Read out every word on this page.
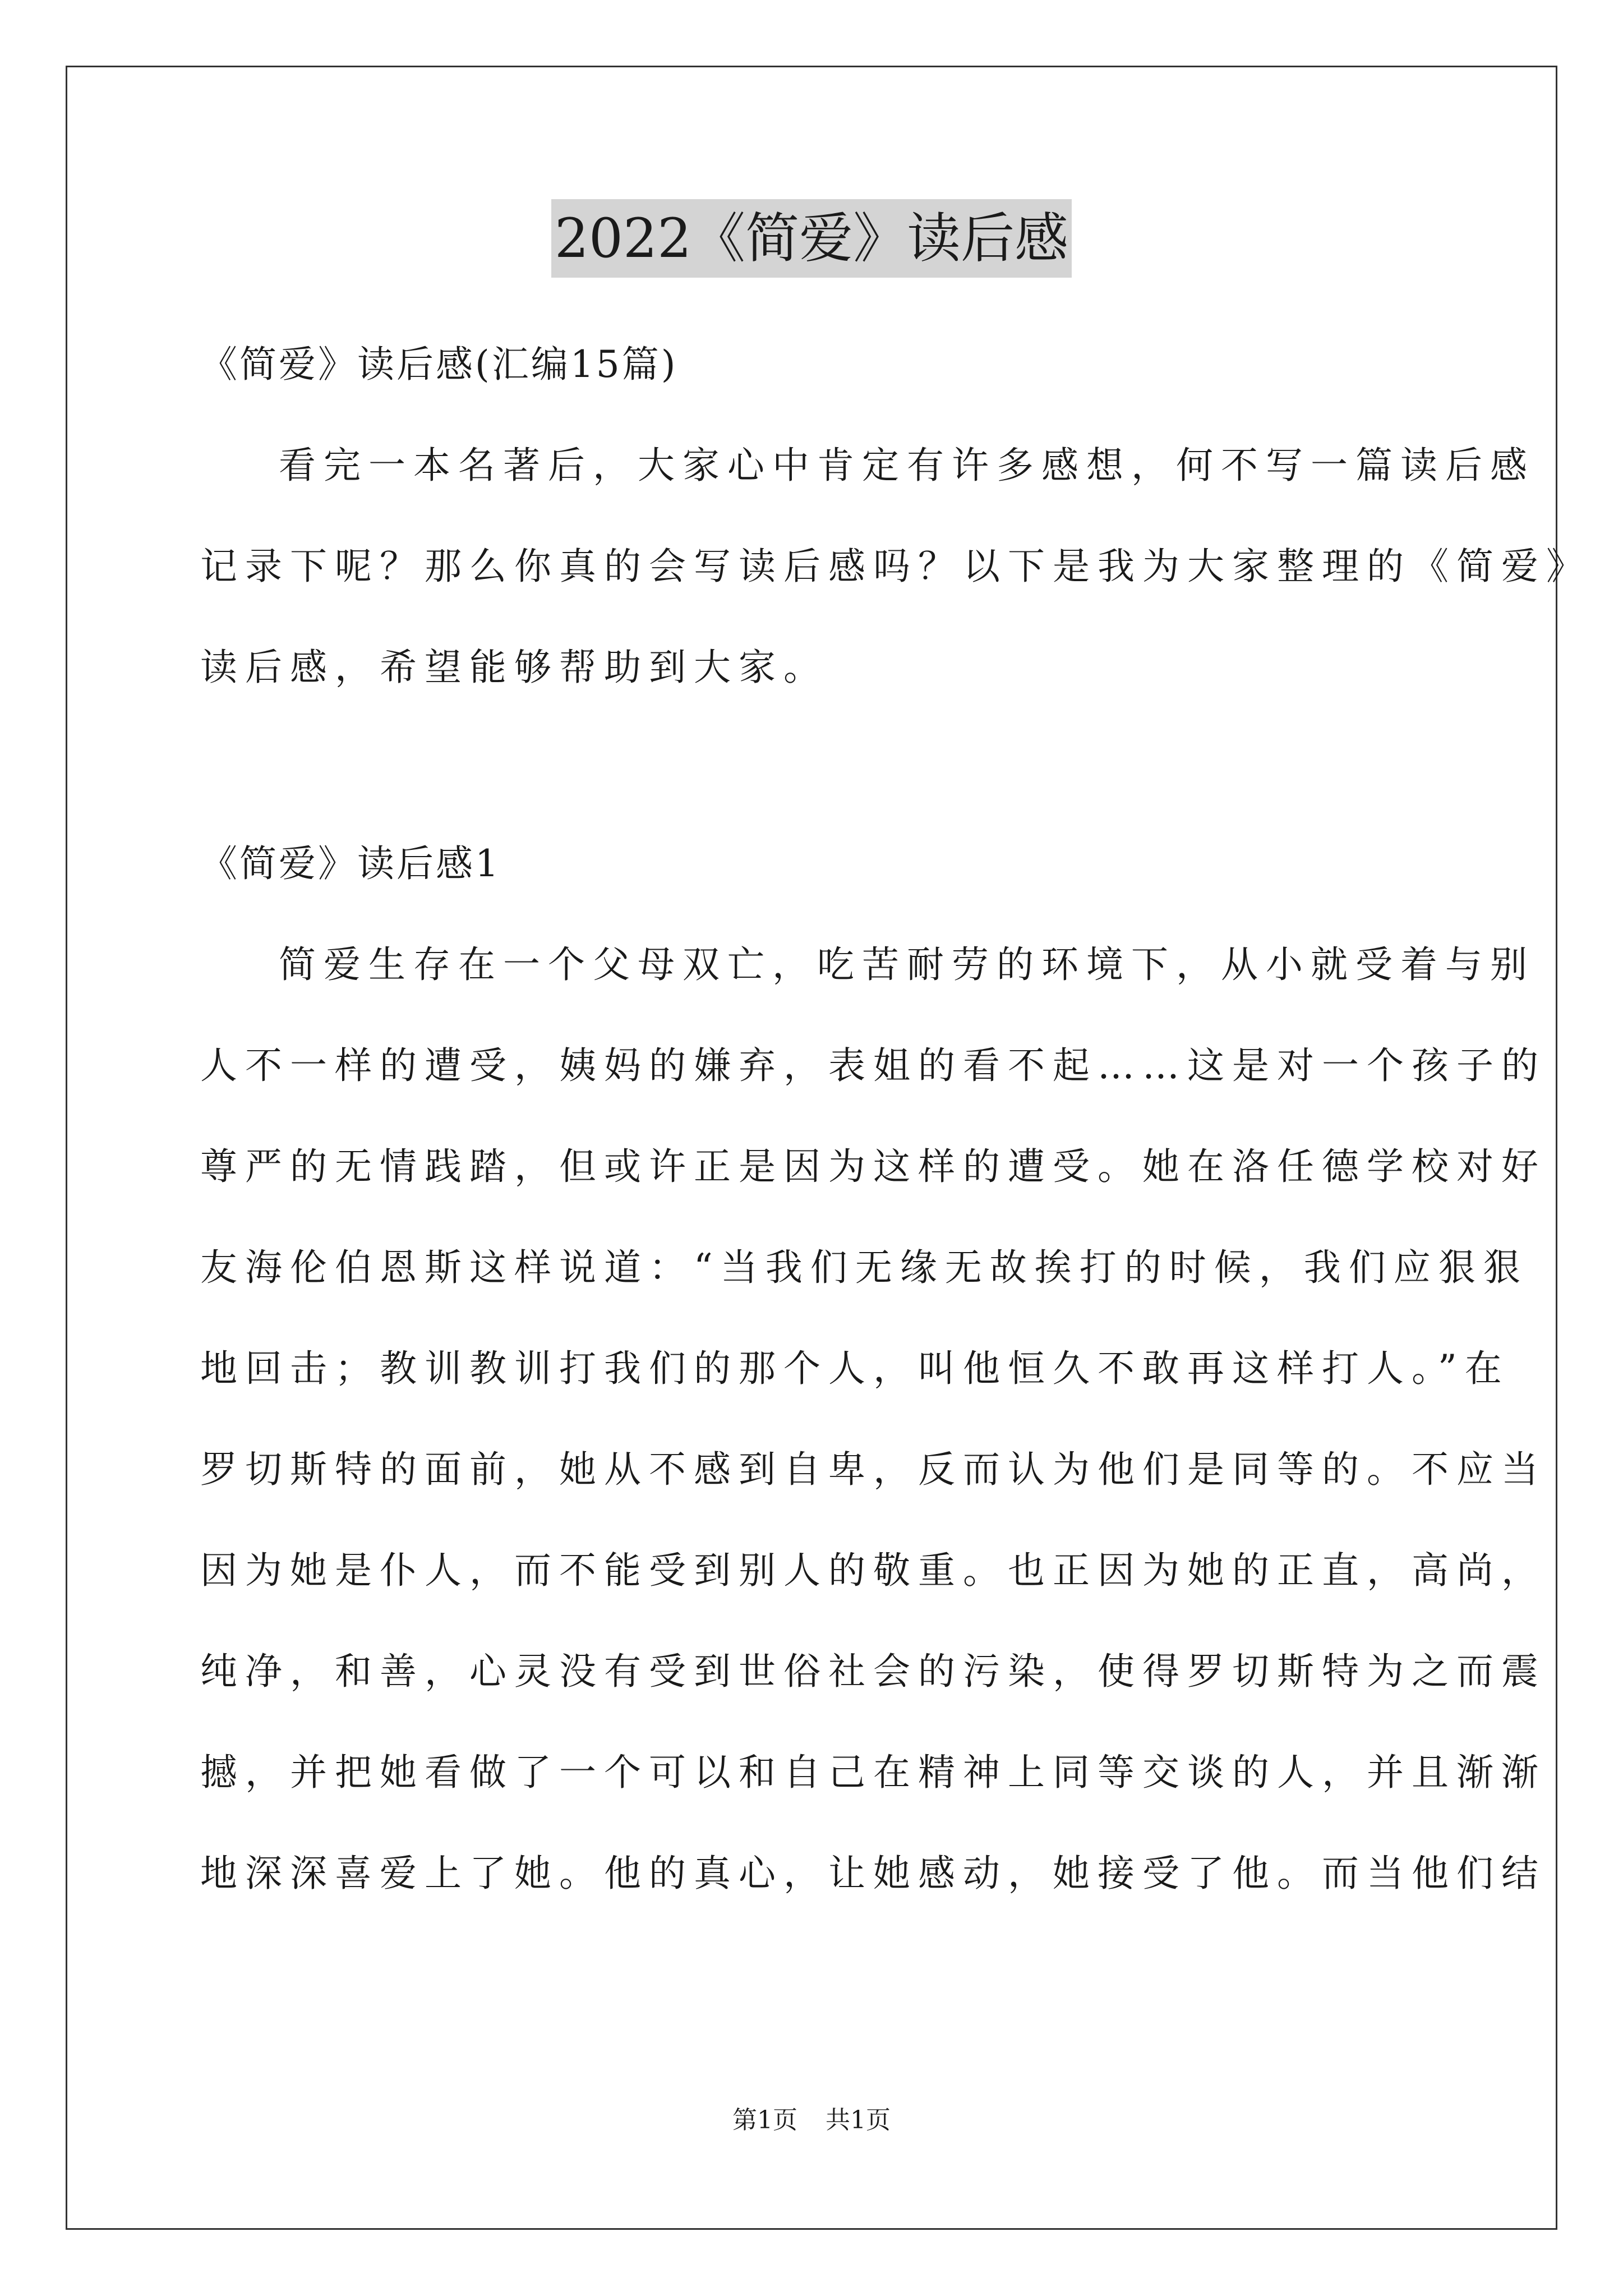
2022《简爱》读后感
《简爱》读后感(汇编15篇)
看完一本名著后，大家心中肯定有许多感想，何不写一篇读后感
记录下呢？那么你真的会写读后感吗？以下是我为大家整理的《简爱》
读后感，希望能够帮助到大家。
《简爱》读后感1
简爱生存在一个父母双亡，吃苦耐劳的环境下，从小就受着与别
人不一样的遭受，姨妈的嫌弃，表姐的看不起……这是对一个孩子的
尊严的无情践踏，但或许正是因为这样的遭受。她在洛任德学校对好
友海伦伯恩斯这样说道：“当我们无缘无故挨打的时候，我们应狠狠
地回击；教训教训打我们的那个人，叫他恒久不敢再这样打人。”在
罗切斯特的面前，她从不感到自卑，反而认为他们是同等的。不应当
因为她是仆人，而不能受到别人的敬重。也正因为她的正直，高尚，
纯净，和善，心灵没有受到世俗社会的污染，使得罗切斯特为之而震
撼，并把她看做了一个可以和自己在精神上同等交谈的人，并且渐渐
地深深喜爱上了她。他的真心，让她感动，她接受了他。而当他们结
第1页 共1页
